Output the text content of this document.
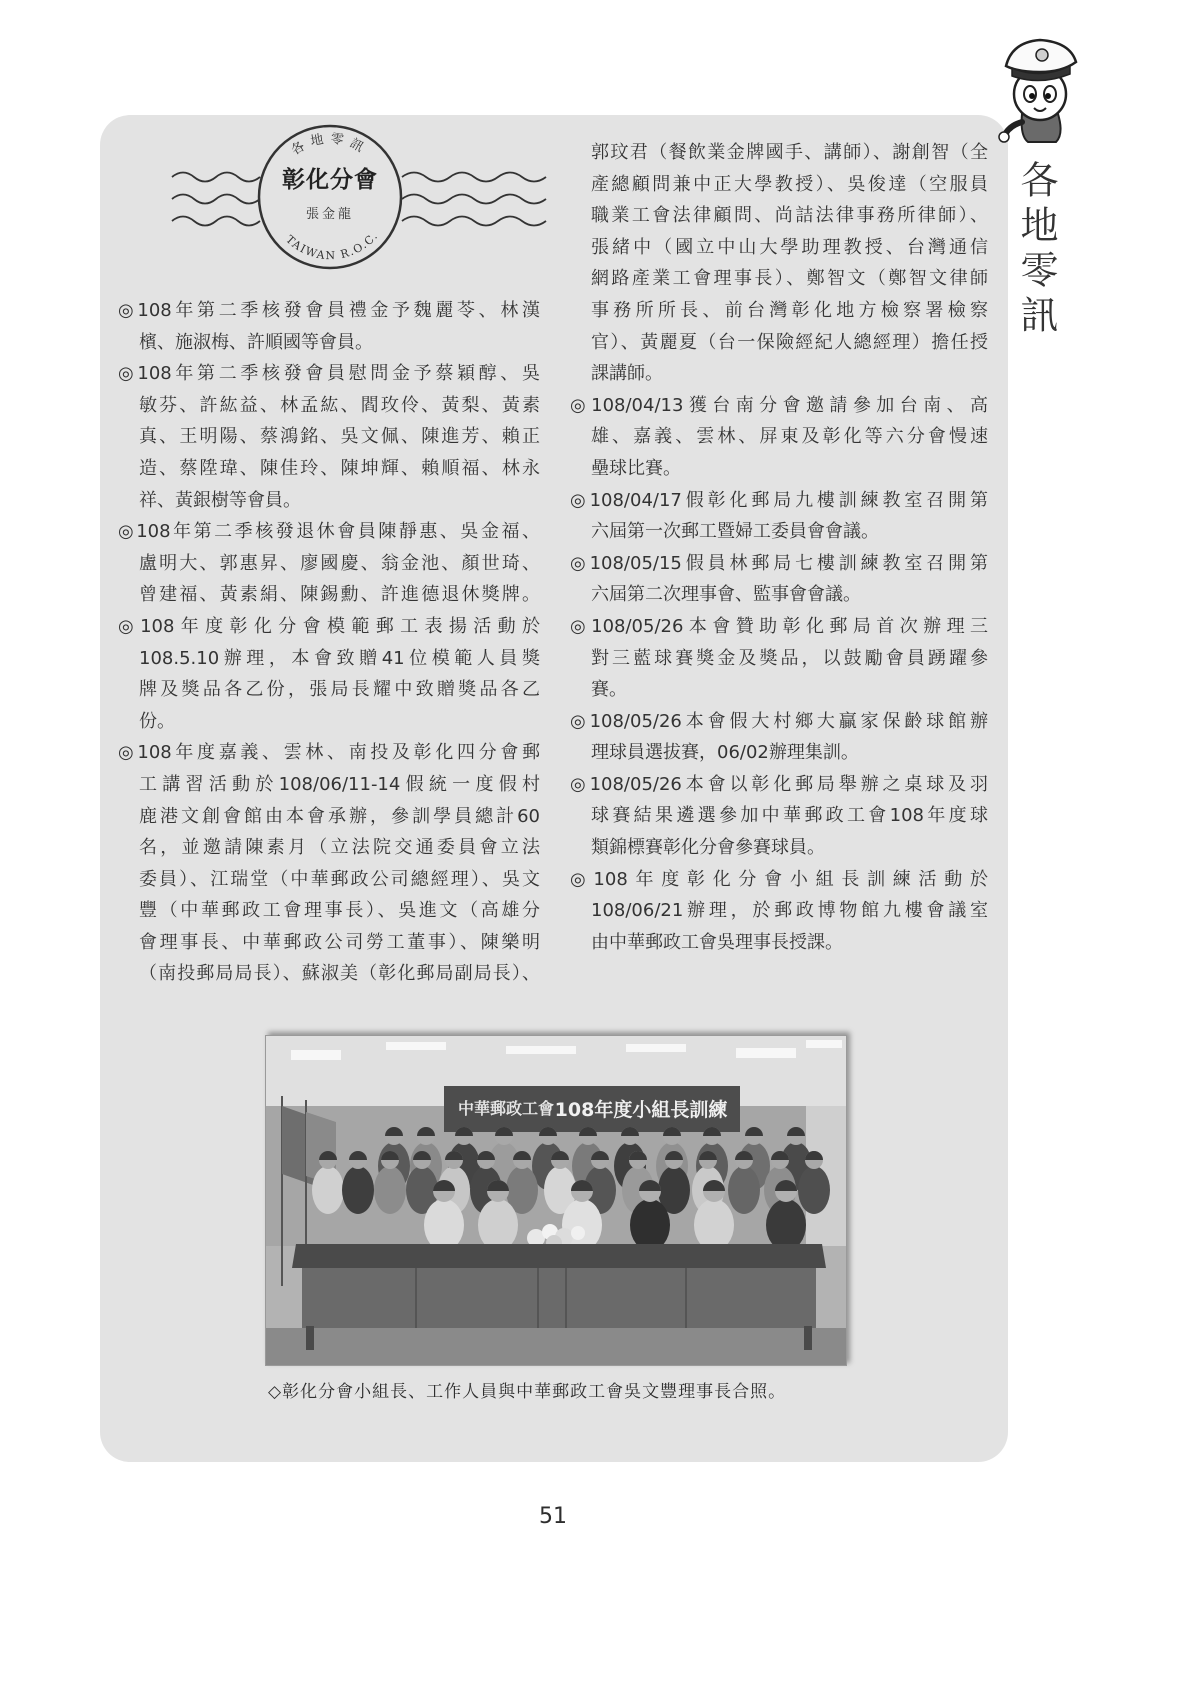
各地零訊
各地零訊
彰化分會
張金龍
TAIWAN R.O.C.
◎108年第二季核發會員禮金予魏麗苓、林漢
檳、施淑梅、許順國等會員。
◎108年第二季核發會員慰問金予蔡穎醇、吳
敏芬、許紘益、林孟紘、閻玫伶、黃梨、黃素
真、王明陽、蔡鴻銘、吳文佩、陳進芳、賴正
造、蔡陞瑋、陳佳玲、陳坤輝、賴順福、林永
祥、黃銀樹等會員。
◎108年第二季核發退休會員陳靜惠、吳金福、
盧明大、郭惠昇、廖國慶、翁金池、顏世琦、
曾建福、黃素絹、陳錫勳、許進德退休獎牌。
◎108年度彰化分會模範郵工表揚活動於
108.5.10辦理，本會致贈41位模範人員獎
牌及獎品各乙份，張局長耀中致贈獎品各乙
份。
◎108年度嘉義、雲林、南投及彰化四分會郵
工講習活動於108/06/11-14假統一度假村
鹿港文創會館由本會承辦，參訓學員總計60
名，並邀請陳素月（立法院交通委員會立法
委員）、江瑞堂（中華郵政公司總經理）、吳文
豐（中華郵政工會理事長）、吳進文（高雄分
會理事長、中華郵政公司勞工董事）、陳樂明
（南投郵局局長）、蘇淑美（彰化郵局副局長）、
郭玟君（餐飲業金牌國手、講師）、謝創智（全
產總顧問兼中正大學教授）、吳俊達（空服員
職業工會法律顧問、尚詰法律事務所律師）、
張緒中（國立中山大學助理教授、台灣通信
網路產業工會理事長）、鄭智文（鄭智文律師
事務所所長、前台灣彰化地方檢察署檢察
官）、黃麗夏（台一保險經紀人總經理）擔任授
課講師。
◎108/04/13獲台南分會邀請參加台南、高
雄、嘉義、雲林、屏東及彰化等六分會慢速
壘球比賽。
◎108/04/17假彰化郵局九樓訓練教室召開第
六屆第一次郵工暨婦工委員會會議。
◎108/05/15假員林郵局七樓訓練教室召開第
六屆第二次理事會、監事會會議。
◎108/05/26本會贊助彰化郵局首次辦理三
對三藍球賽獎金及獎品，以鼓勵會員踴躍參
賽。
◎108/05/26本會假大村鄉大贏家保齡球館辦
理球員選拔賽，06/02辦理集訓。
◎108/05/26本會以彰化郵局舉辦之桌球及羽
球賽結果遴選參加中華郵政工會108年度球
類錦標賽彰化分會參賽球員。
◎108年度彰化分會小組長訓練活動於
108/06/21辦理，於郵政博物館九樓會議室
由中華郵政工會吳理事長授課。
中華郵政工會 108年度小組長訓練
◇彰化分會小組長、工作人員與中華郵政工會吳文豐理事長合照。
51
